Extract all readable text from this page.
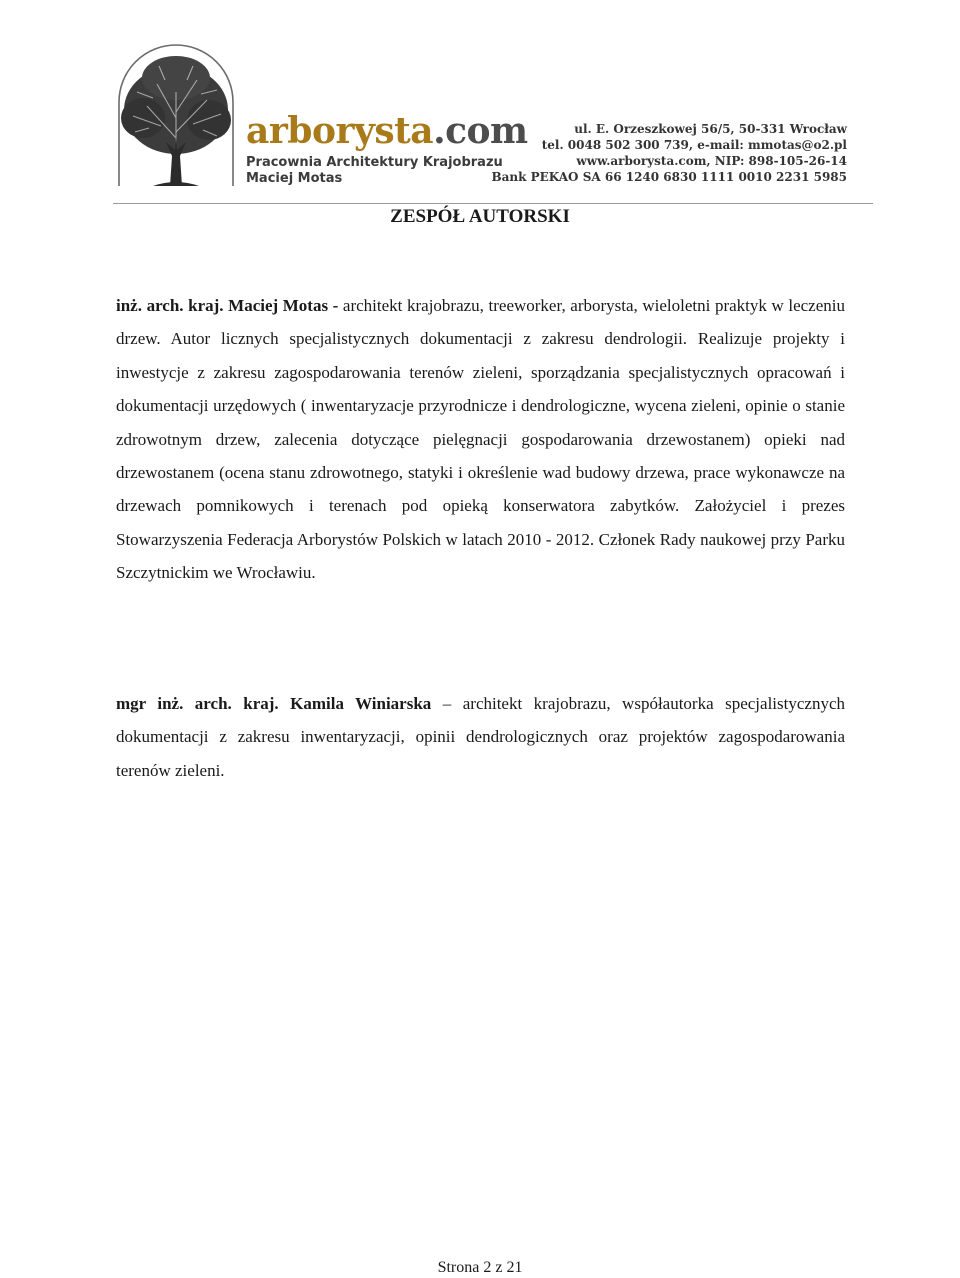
arborysta.com
Pracownia Architektury Krajobrazu
Maciej Motas
ul. E. Orzeszkowej 56/5, 50-331 Wrocław
tel. 0048 502 300 739, e-mail: mmotas@o2.pl
www.arborysta.com, NIP: 898-105-26-14
Bank PEKAO SA 66 1240 6830 1111 0010 2231 5985
ZESPÓŁ AUTORSKI
inż. arch. kraj. Maciej Motas - architekt krajobrazu, treeworker, arborysta, wieloletni praktyk w leczeniu drzew. Autor licznych specjalistycznych dokumentacji z zakresu dendrologii. Realizuje projekty i inwestycje z zakresu zagospodarowania terenów zieleni, sporządzania specjalistycznych opracowań i dokumentacji urzędowych ( inwentaryzacje przyrodnicze i dendrologiczne, wycena zieleni, opinie o stanie zdrowotnym drzew, zalecenia dotyczące pielęgnacji gospodarowania drzewostanem) opieki nad drzewostanem (ocena stanu zdrowotnego, statyki i określenie wad budowy drzewa, prace wykonawcze na drzewach pomnikowych i terenach pod opieką konserwatora zabytków. Założyciel i prezes Stowarzyszenia Federacja Arborystów Polskich w latach 2010 - 2012. Członek Rady naukowej przy Parku Szczytnickim we Wrocławiu.
mgr inż. arch. kraj. Kamila Winiarska – architekt krajobrazu, współautorka specjalistycznych dokumentacji z zakresu inwentaryzacji, opinii dendrologicznych oraz projektów zagospodarowania terenów zieleni.
Strona 2 z 21
